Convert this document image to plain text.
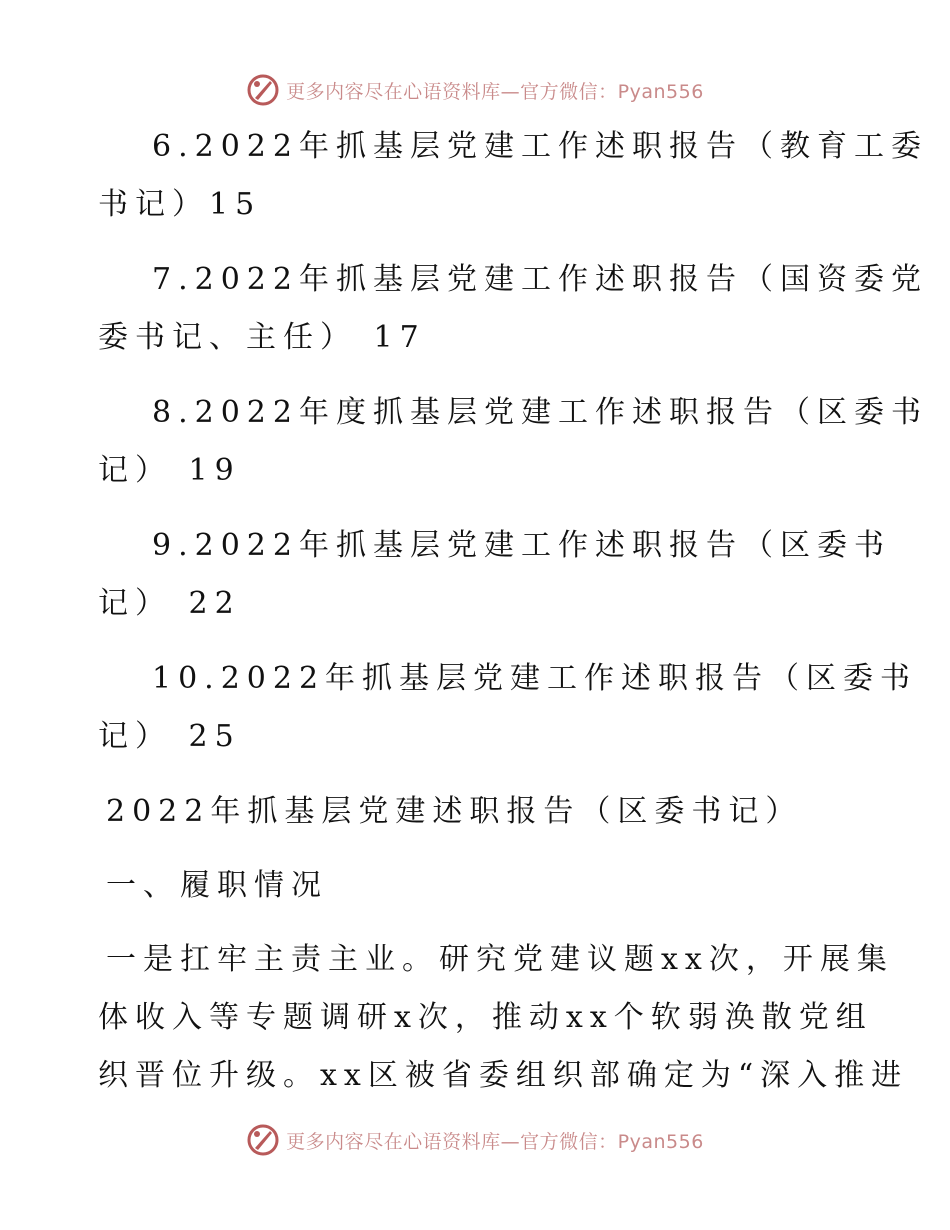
更多内容尽在心语资料库—官方微信：Pyan556
6.2022年抓基层党建工作述职报告（教育工委
书记）15
7.2022年抓基层党建工作述职报告（国资委党
委书记、主任） 17
8.2022年度抓基层党建工作述职报告（区委书
记） 19
9.2022年抓基层党建工作述职报告（区委书
记） 22
10.2022年抓基层党建工作述职报告（区委书
记） 25
2022年抓基层党建述职报告（区委书记）
一、履职情况
一是扛牢主责主业。研究党建议题xx次，开展集
体收入等专题调研x次，推动xx个软弱涣散党组
织晋位升级。xx区被省委组织部确定为“深入推进
更多内容尽在心语资料库—官方微信：Pyan556
